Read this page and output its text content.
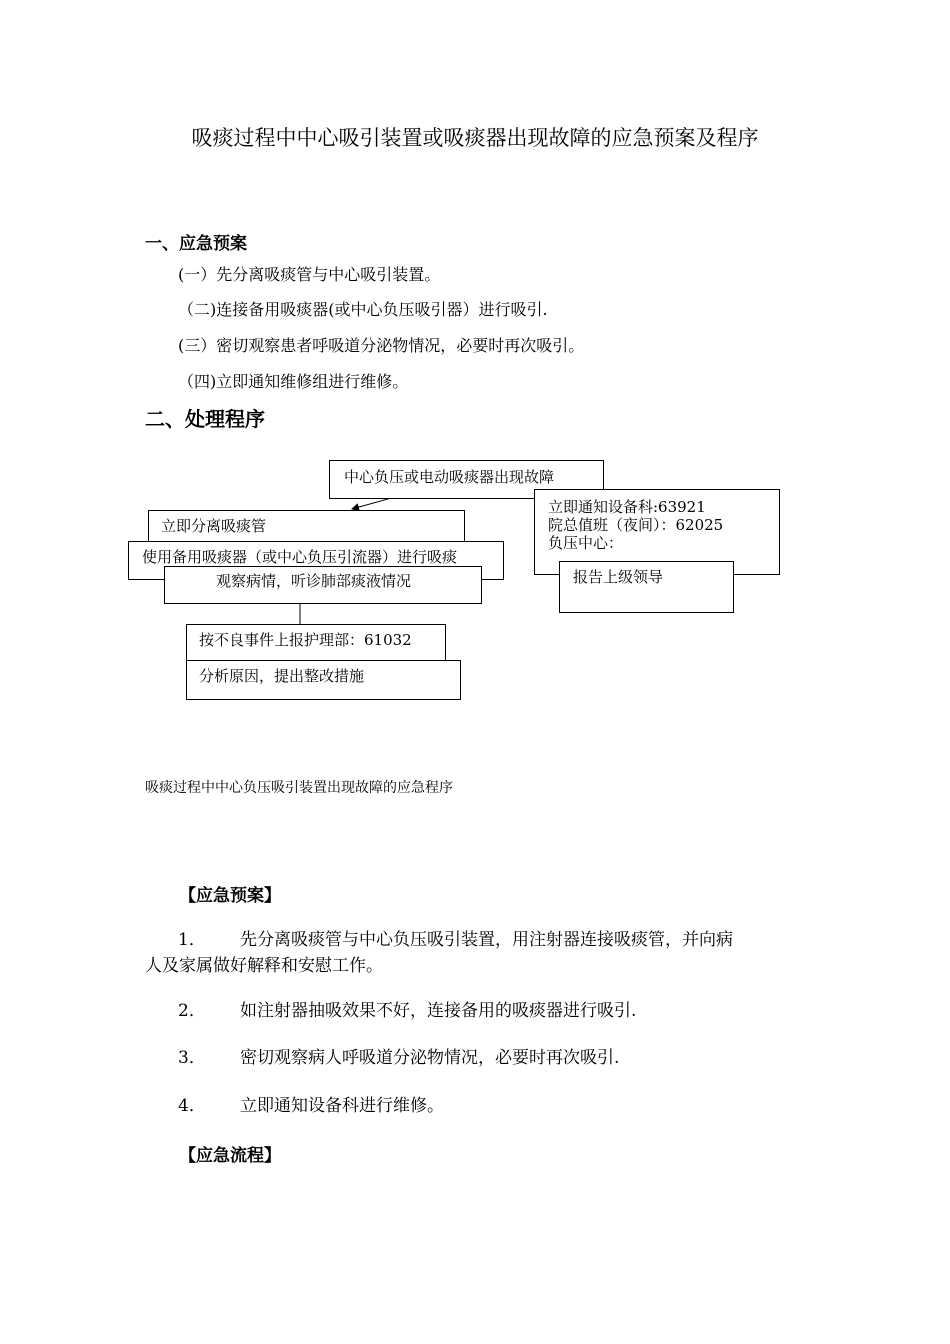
吸痰过程中中心吸引装置或吸痰器出现故障的应急预案及程序
一、应急预案
(一）先分离吸痰管与中心吸引装置。
（二)连接备用吸痰器(或中心负压吸引器）进行吸引.
(三）密切观察患者呼吸道分泌物情况，必要时再次吸引。
（四)立即通知维修组进行维修。
二、处理程序
中心负压或电动吸痰器出现故障
立即通知设备科:63921
院总值班（夜间）：62025
负压中心：
立即分离吸痰管
使用备用吸痰器（或中心负压引流器）进行吸痰
观察病情，听诊肺部痰液情况	报告上级领导
按不良事件上报护理部：61032
分析原因，提出整改措施
吸痰过程中中心负压吸引装置出现故障的应急程序
【应急预案】
1． 先分离吸痰管与中心负压吸引装置，用注射器连接吸痰管，并向病
人及家属做好解释和安慰工作。
2． 如注射器抽吸效果不好，连接备用的吸痰器进行吸引.
3． 密切观察病人呼吸道分泌物情况，必要时再次吸引.
4． 立即通知设备科进行维修。
【应急流程】
